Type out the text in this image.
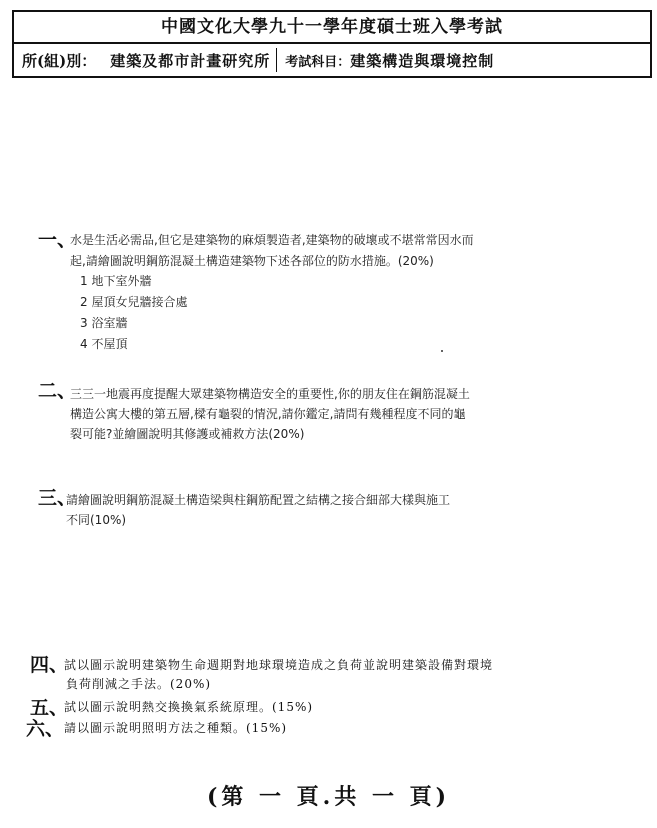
中國文化大學九十一學年度碩士班入學考試
所(組)別： 建築及都市計畫研究所 考試科目： 建築構造與環境控制
一、

水是生活必需品,但它是建築物的麻煩製造者,建築物的破壞或不堪常常因水而

起,請繪圖說明鋼筋混凝土構造建築物下述各部位的防水措施。(20%)

1 地下室外牆
2 屋頂女兒牆接合處
3 浴室牆
4 不屋頂
二、

三三一地震再度提醒大眾建築物構造安全的重要性,你的朋友住在鋼筋混凝土

構造公寓大樓的第五層,樑有龜裂的情況,請你鑑定,請問有幾種程度不同的龜

裂可能?並繪圖說明其修護或補救方法(20%)

三、

請繪圖說明鋼筋混凝土構造梁與柱鋼筋配置之結構之接合細部大樣與施工

不同(10%)

四、

試以圖示說明建築物生命週期對地球環境造成之負荷並說明建築設備對環境

負荷削減之手法。(20%)

五、

試以圖示說明熱交換換氣系統原理。(15%)

六、 請以圖示說明照明方法之種類。(15%)

(第 一 頁.共 一 頁)
